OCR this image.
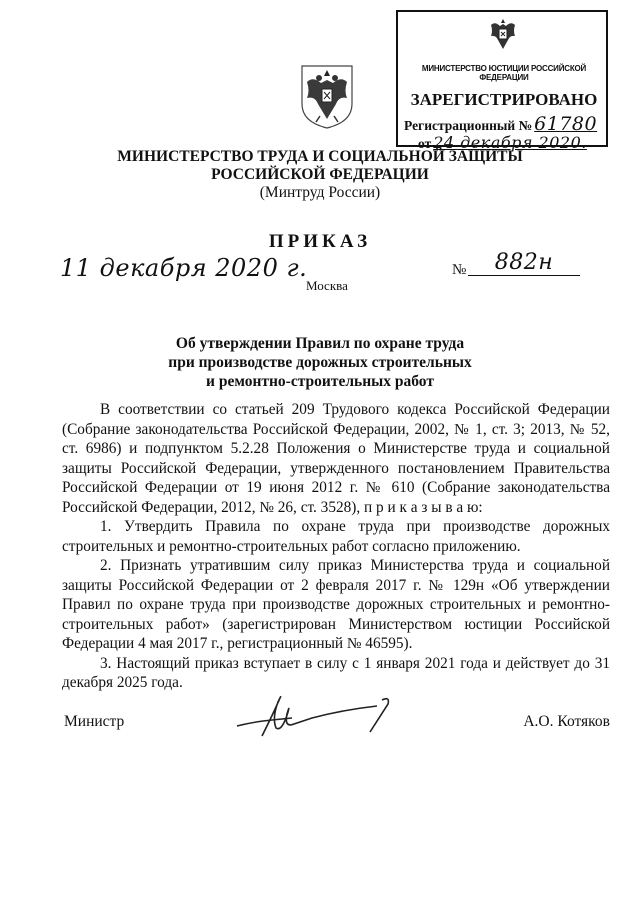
МИНИСТЕРСТВО ЮСТИЦИИ РОССИЙСКОЙ ФЕДЕРАЦИИ
ЗАРЕГИСТРИРОВАНО
Регистрационный № 61780
от 24 декабря 2020.
МИНИСТЕРСТВО ТРУДА И СОЦИАЛЬНОЙ ЗАЩИТЫ
РОССИЙСКОЙ ФЕДЕРАЦИИ
(Минтруд России)
ПРИКАЗ
11 декабря 2020 г.	№	882н
Москва
Об утверждении Правил по охране труда
при производстве дорожных строительных
и ремонтно-строительных работ

В соответствии со статьей 209 Трудового кодекса Российской Федерации (Собрание законодательства Российской Федерации, 2002, № 1, ст. 3; 2013, № 52, ст. 6986) и подпунктом 5.2.28 Положения о Министерстве труда и социальной защиты Российской Федерации, утвержденного постановлением Правительства Российской Федерации от 19 июня 2012 г. № 610 (Собрание законодательства Российской Федерации, 2012, № 26, ст. 3528), п р и к а з ы в а ю:

1. Утвердить Правила по охране труда при производстве дорожных строительных и ремонтно-строительных работ согласно приложению.

2. Признать утратившим силу приказ Министерства труда и социальной защиты Российской Федерации от 2 февраля 2017 г. № 129н «Об утверждении Правил по охране труда при производстве дорожных строительных и ремонтно-строительных работ» (зарегистрирован Министерством юстиции Российской Федерации 4 мая 2017 г., регистрационный № 46595).

3. Настоящий приказ вступает в силу с 1 января 2021 года и действует до 31 декабря 2025 года.

Министр	А.О. Котяков
